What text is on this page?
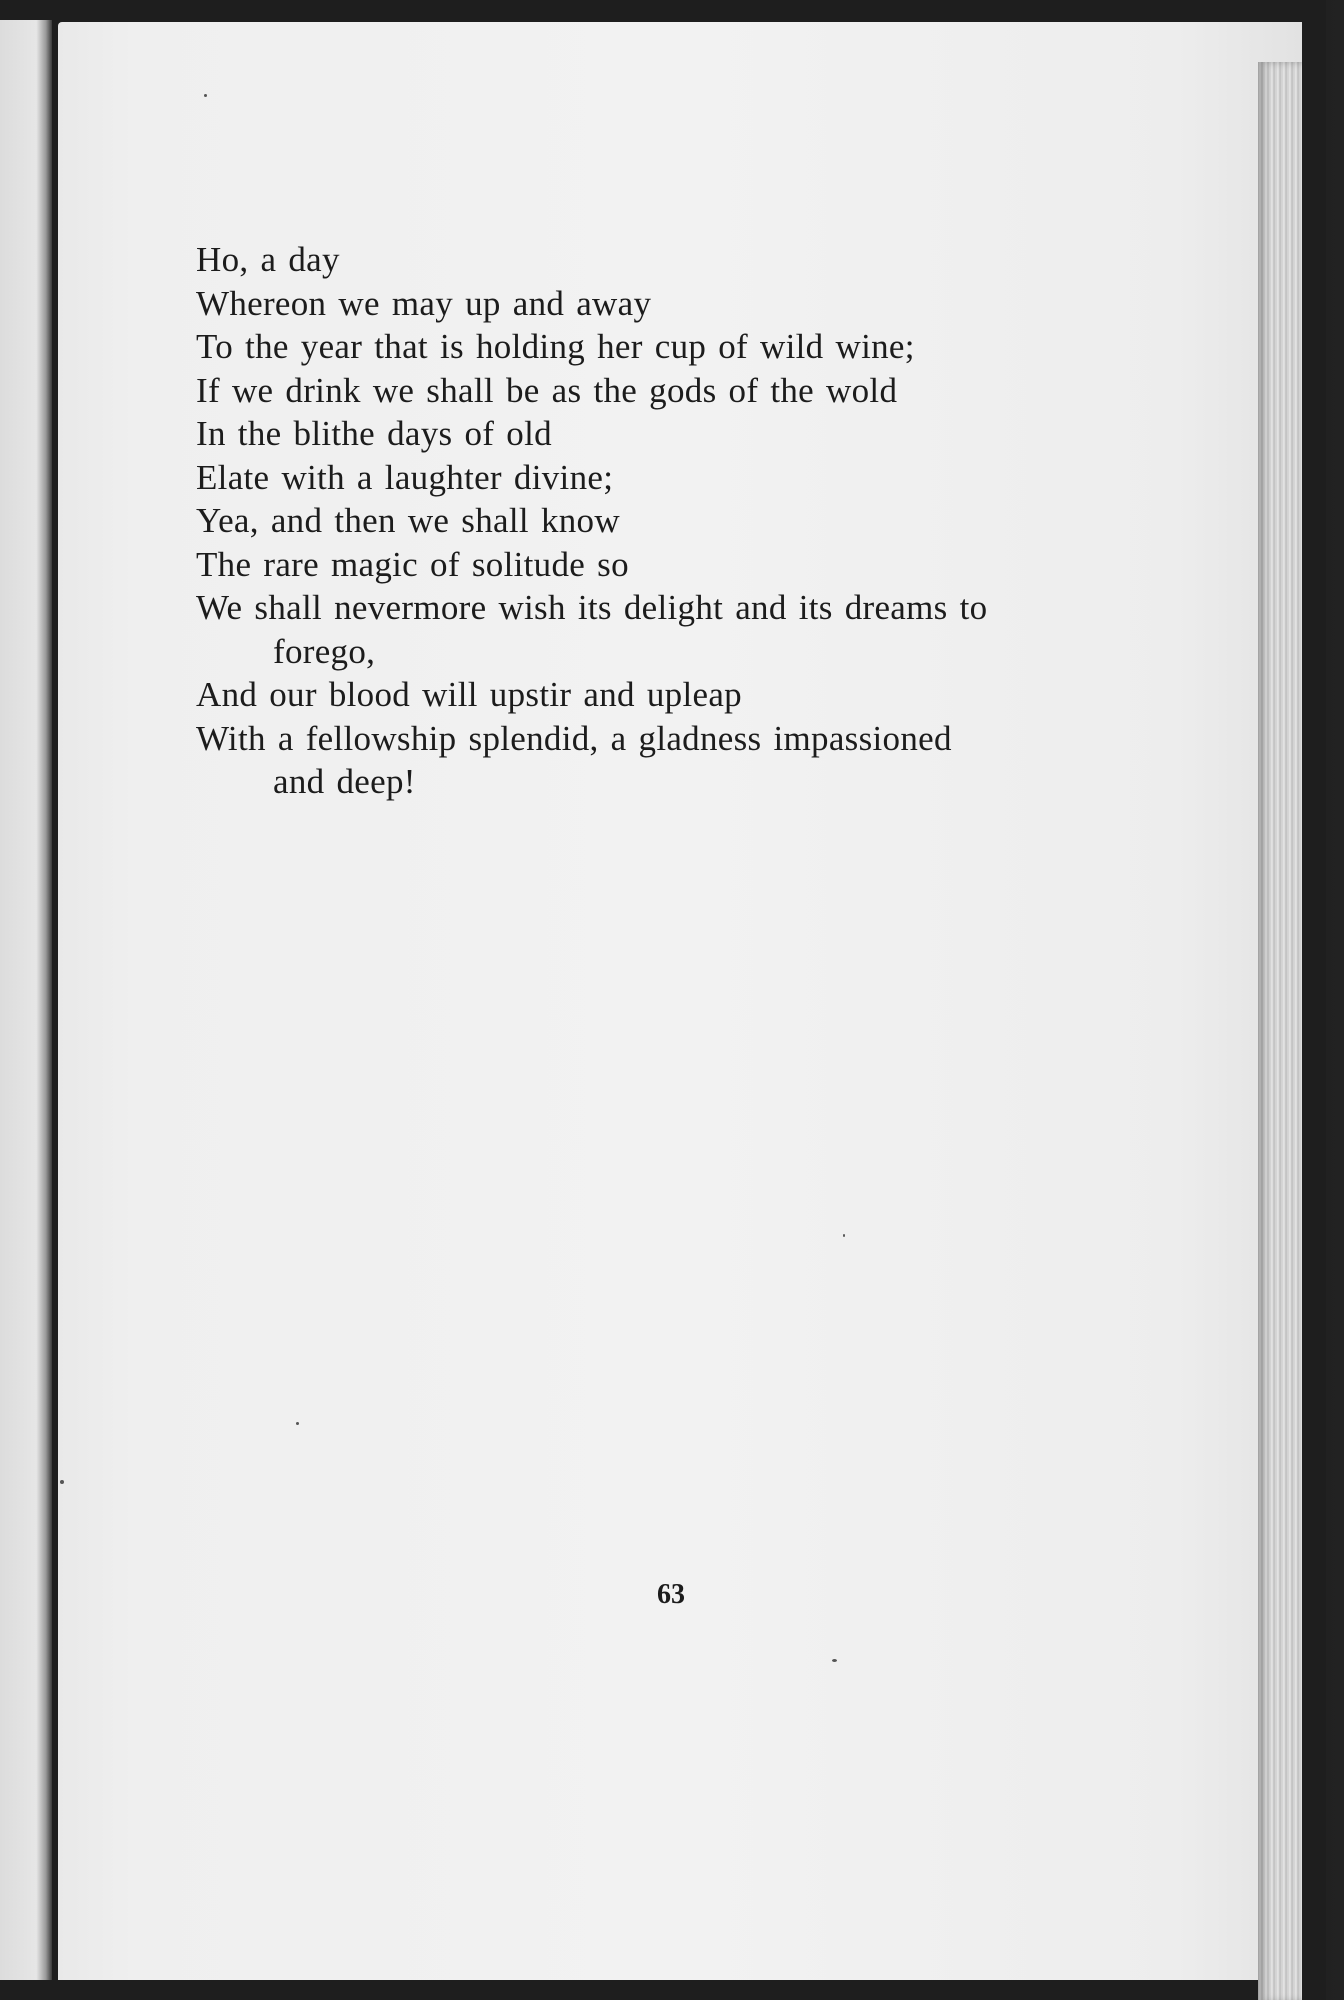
Ho, a day
Whereon we may up and away
To the year that is holding her cup of wild wine;
If we drink we shall be as the gods of the wold
In the blithe days of old
Elate with a laughter divine;
Yea, and then we shall know
The rare magic of solitude so
We shall nevermore wish its delight and its dreams to
forego,
And our blood will upstir and upleap
With a fellowship splendid, a gladness impassioned
and deep!
63
